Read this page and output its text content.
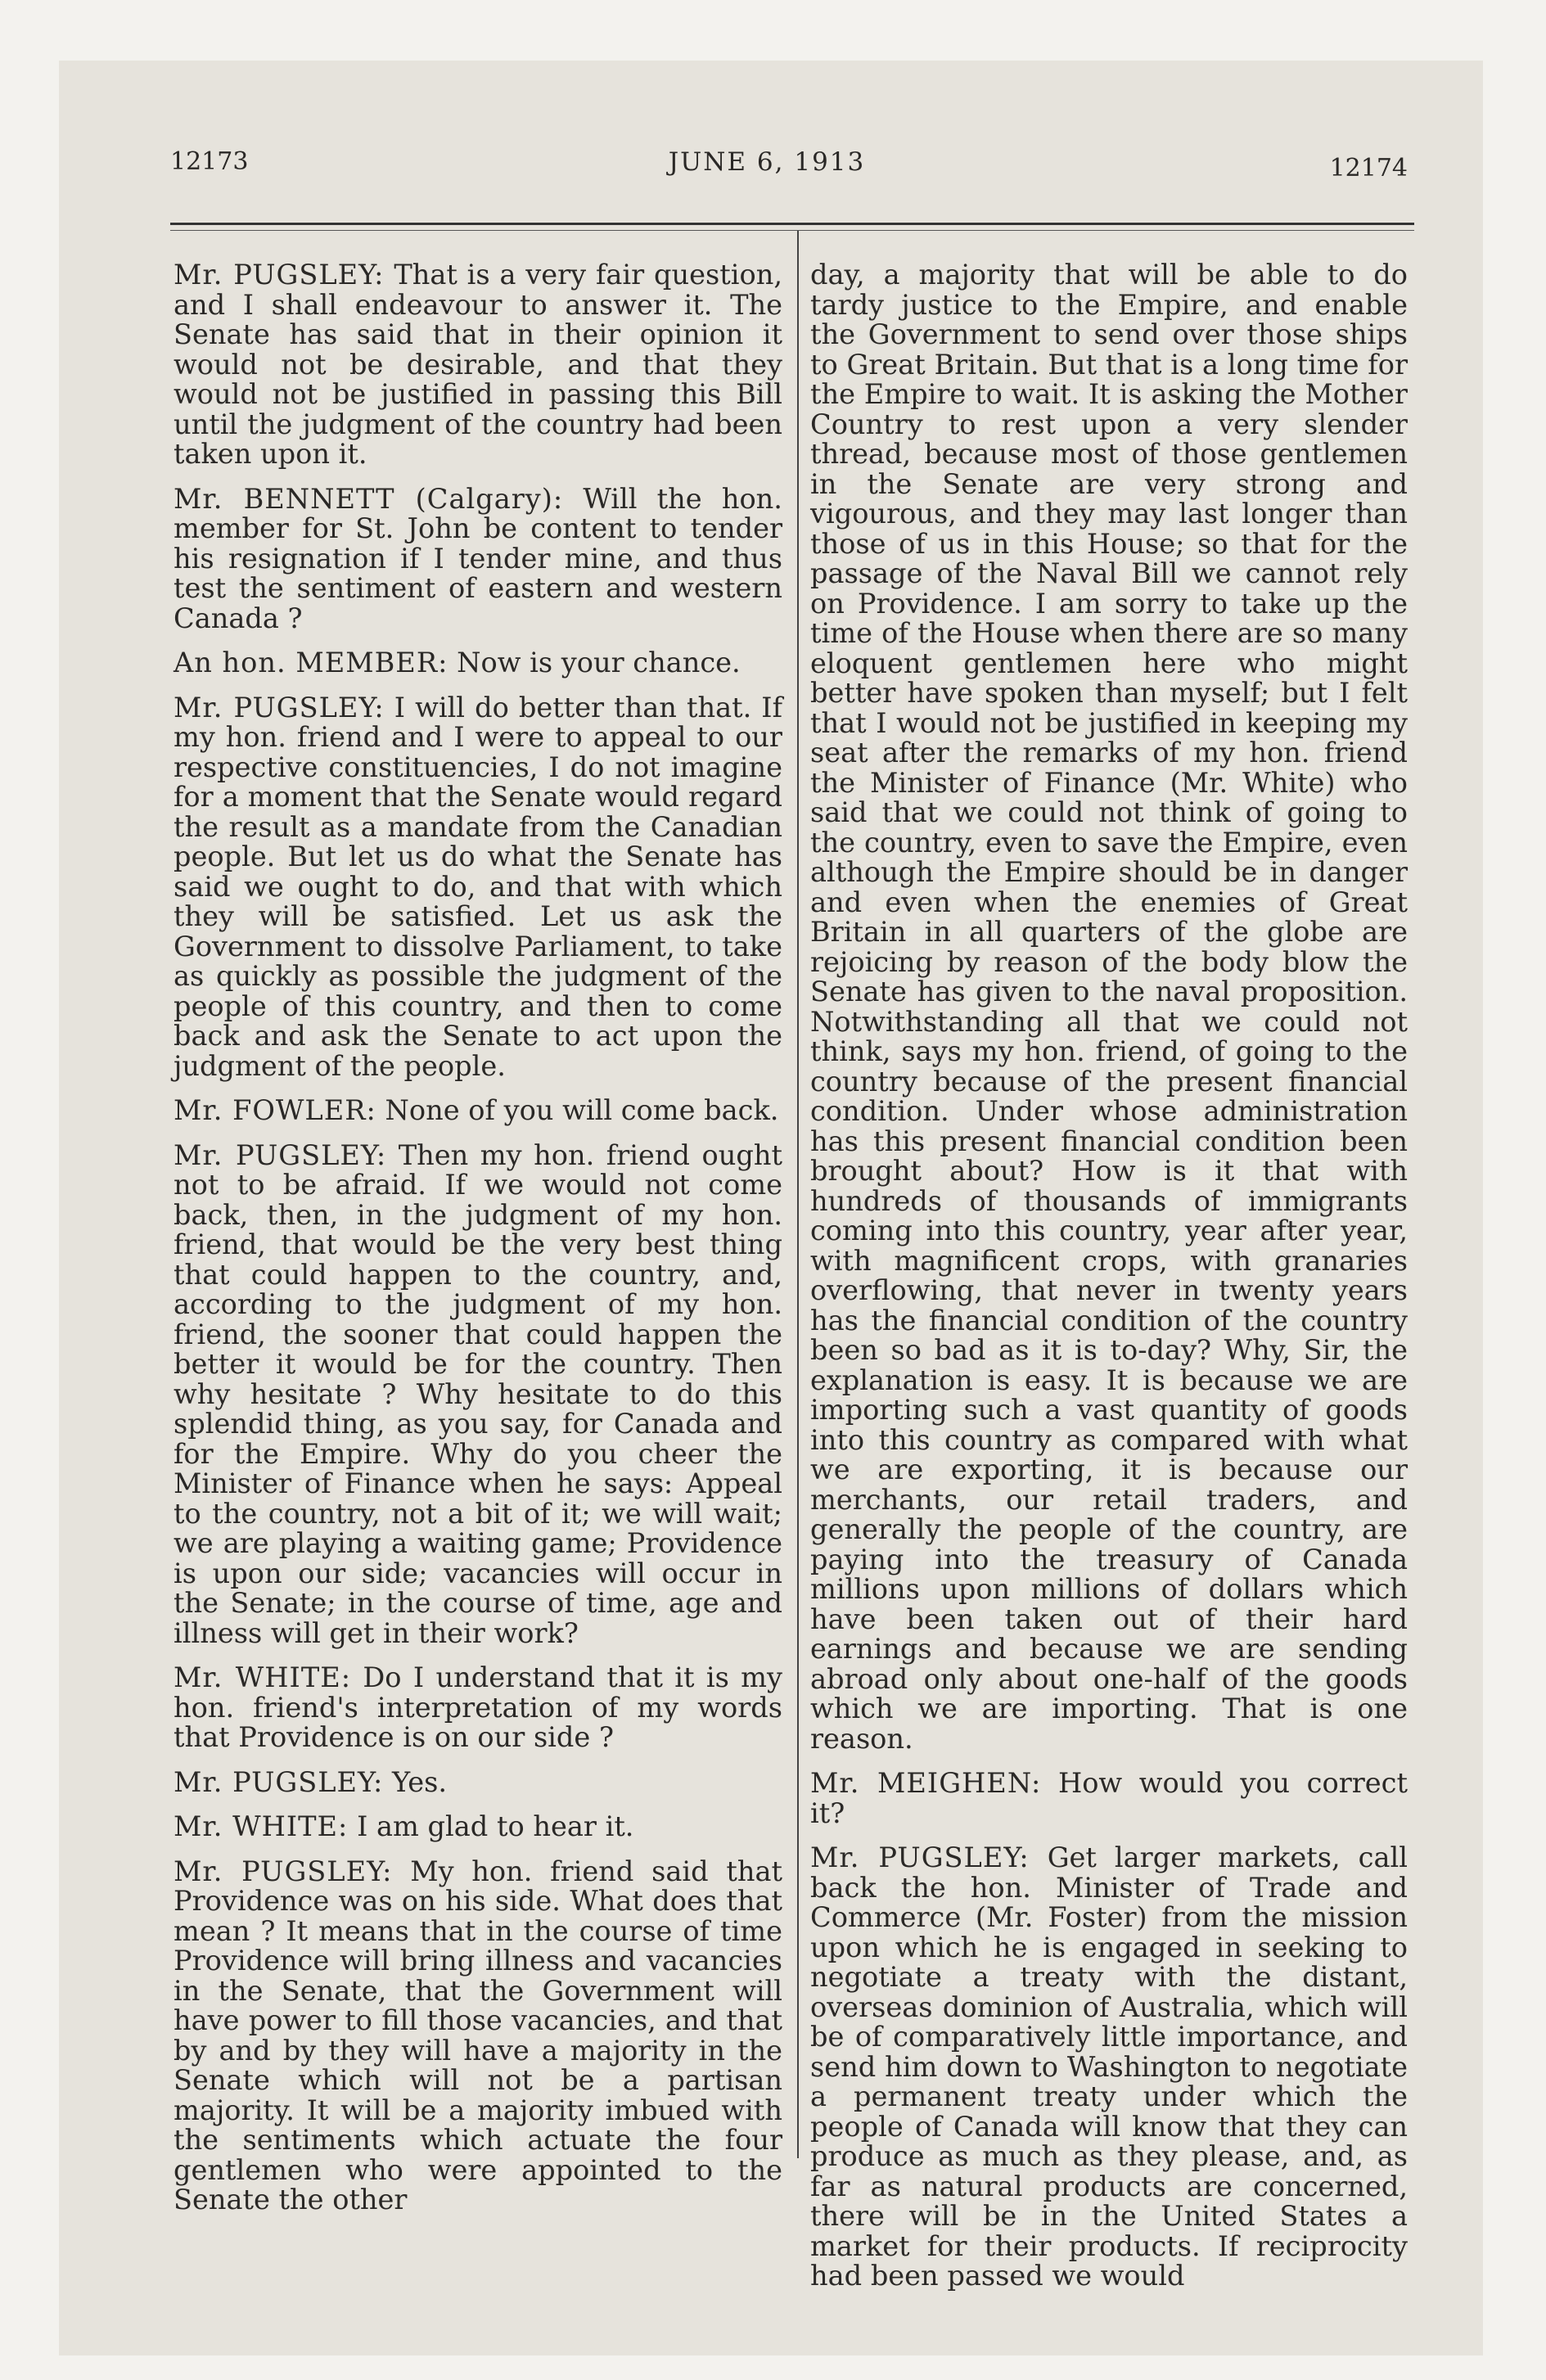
12173	JUNE 6, 1913	12174

Mr. PUGSLEY: That is a very fair question, and I shall endeavour to answer it. The Senate has said that in their opinion it would not be desirable, and that they would not be justified in passing this Bill until the judgment of the country had been taken upon it.

Mr. BENNETT (Calgary): Will the hon. member for St. John be content to tender his resignation if I tender mine, and thus test the sentiment of eastern and western Canada ?

An hon. MEMBER: Now is your chance.

Mr. PUGSLEY: I will do better than that. If my hon. friend and I were to appeal to our respective constituencies, I do not imagine for a moment that the Senate would regard the result as a mandate from the Canadian people. But let us do what the Senate has said we ought to do, and that with which they will be satisfied. Let us ask the Government to dissolve Parliament, to take as quickly as possible the judgment of the people of this country, and then to come back and ask the Senate to act upon the judgment of the people.

Mr. FOWLER: None of you will come back.

Mr. PUGSLEY: Then my hon. friend ought not to be afraid. If we would not come back, then, in the judgment of my hon. friend, that would be the very best thing that could happen to the country, and, according to the judgment of my hon. friend, the sooner that could happen the better it would be for the country. Then why hesitate ? Why hesitate to do this splendid thing, as you say, for Canada and for the Empire. Why do you cheer the Minister of Finance when he says: Appeal to the country, not a bit of it; we will wait; we are playing a waiting game; Providence is upon our side; vacancies will occur in the Senate; in the course of time, age and illness will get in their work?

Mr. WHITE: Do I understand that it is my hon. friend's interpretation of my words that Providence is on our side ?

Mr. PUGSLEY: Yes.

Mr. WHITE: I am glad to hear it.

Mr. PUGSLEY: My hon. friend said that Providence was on his side. What does that mean ? It means that in the course of time Providence will bring illness and vacancies in the Senate, that the Government will have power to fill those vacancies, and that by and by they will have a majority in the Senate which will not be a partisan majority. It will be a majority imbued with the sentiments which actuate the four gentlemen who were appointed to the Senate the other

day, a majority that will be able to do tardy justice to the Empire, and enable the Government to send over those ships to Great Britain. But that is a long time for the Empire to wait. It is asking the Mother Country to rest upon a very slender thread, because most of those gentlemen in the Senate are very strong and vigourous, and they may last longer than those of us in this House; so that for the passage of the Naval Bill we cannot rely on Providence. I am sorry to take up the time of the House when there are so many eloquent gentlemen here who might better have spoken than myself; but I felt that I would not be justified in keeping my seat after the remarks of my hon. friend the Minister of Finance (Mr. White) who said that we could not think of going to the country, even to save the Empire, even although the Empire should be in danger and even when the enemies of Great Britain in all quarters of the globe are rejoicing by reason of the body blow the Senate has given to the naval proposition. Notwithstanding all that we could not think, says my hon. friend, of going to the country because of the present financial condition. Under whose administration has this present financial condition been brought about? How is it that with hundreds of thousands of immigrants coming into this country, year after year, with magnificent crops, with granaries overflowing, that never in twenty years has the financial condition of the country been so bad as it is to-day? Why, Sir, the explanation is easy. It is because we are importing such a vast quantity of goods into this country as compared with what we are exporting, it is because our merchants, our retail traders, and generally the people of the country, are paying into the treasury of Canada millions upon millions of dollars which have been taken out of their hard earnings and because we are sending abroad only about one-half of the goods which we are importing. That is one reason.

Mr. MEIGHEN: How would you correct it?

Mr. PUGSLEY: Get larger markets, call back the hon. Minister of Trade and Commerce (Mr. Foster) from the mission upon which he is engaged in seeking to negotiate a treaty with the distant, overseas dominion of Australia, which will be of comparatively little importance, and send him down to Washington to negotiate a permanent treaty under which the people of Canada will know that they can produce as much as they please, and, as far as natural products are concerned, there will be in the United States a market for their products. If reciprocity had been passed we would
